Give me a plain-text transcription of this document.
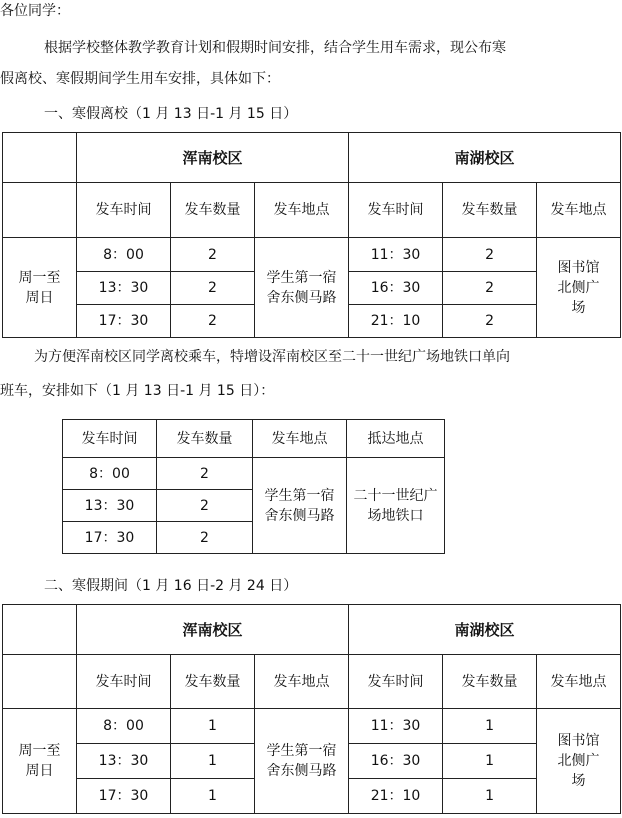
各位同学：
根据学校整体教学教育计划和假期时间安排，结合学生用车需求，现公布寒
假离校、寒假期间学生用车安排，具体如下：
一、寒假离校（1 月 13 日-1 月 15 日）
	浑南校区			南湖校区		
	发车时间	发车数量	发车地点	发车时间	发车数量	发车地点
周一至周日	8：00	2	学生第一宿舍东侧马路	11：30	2	图书馆北侧广场
	13：30	2		16：30	2	
	17：30	2		21：10	2	
为方便浑南校区同学离校乘车，特增设浑南校区至二十一世纪广场地铁口单向
班车，安排如下（1 月 13 日-1 月 15 日）：
发车时间	发车数量	发车地点	抵达地点
8：00	2	学生第一宿舍东侧马路	二十一世纪广场地铁口
13：30	2		
17：30	2		
二、寒假期间（1 月 16 日-2 月 24 日）
	浑南校区			南湖校区		
	发车时间	发车数量	发车地点	发车时间	发车数量	发车地点
周一至周日	8：00	1	学生第一宿舍东侧马路	11：30	1	图书馆北侧广场
	13：30	1		16：30	1	
	17：30	1		21：10	1	
